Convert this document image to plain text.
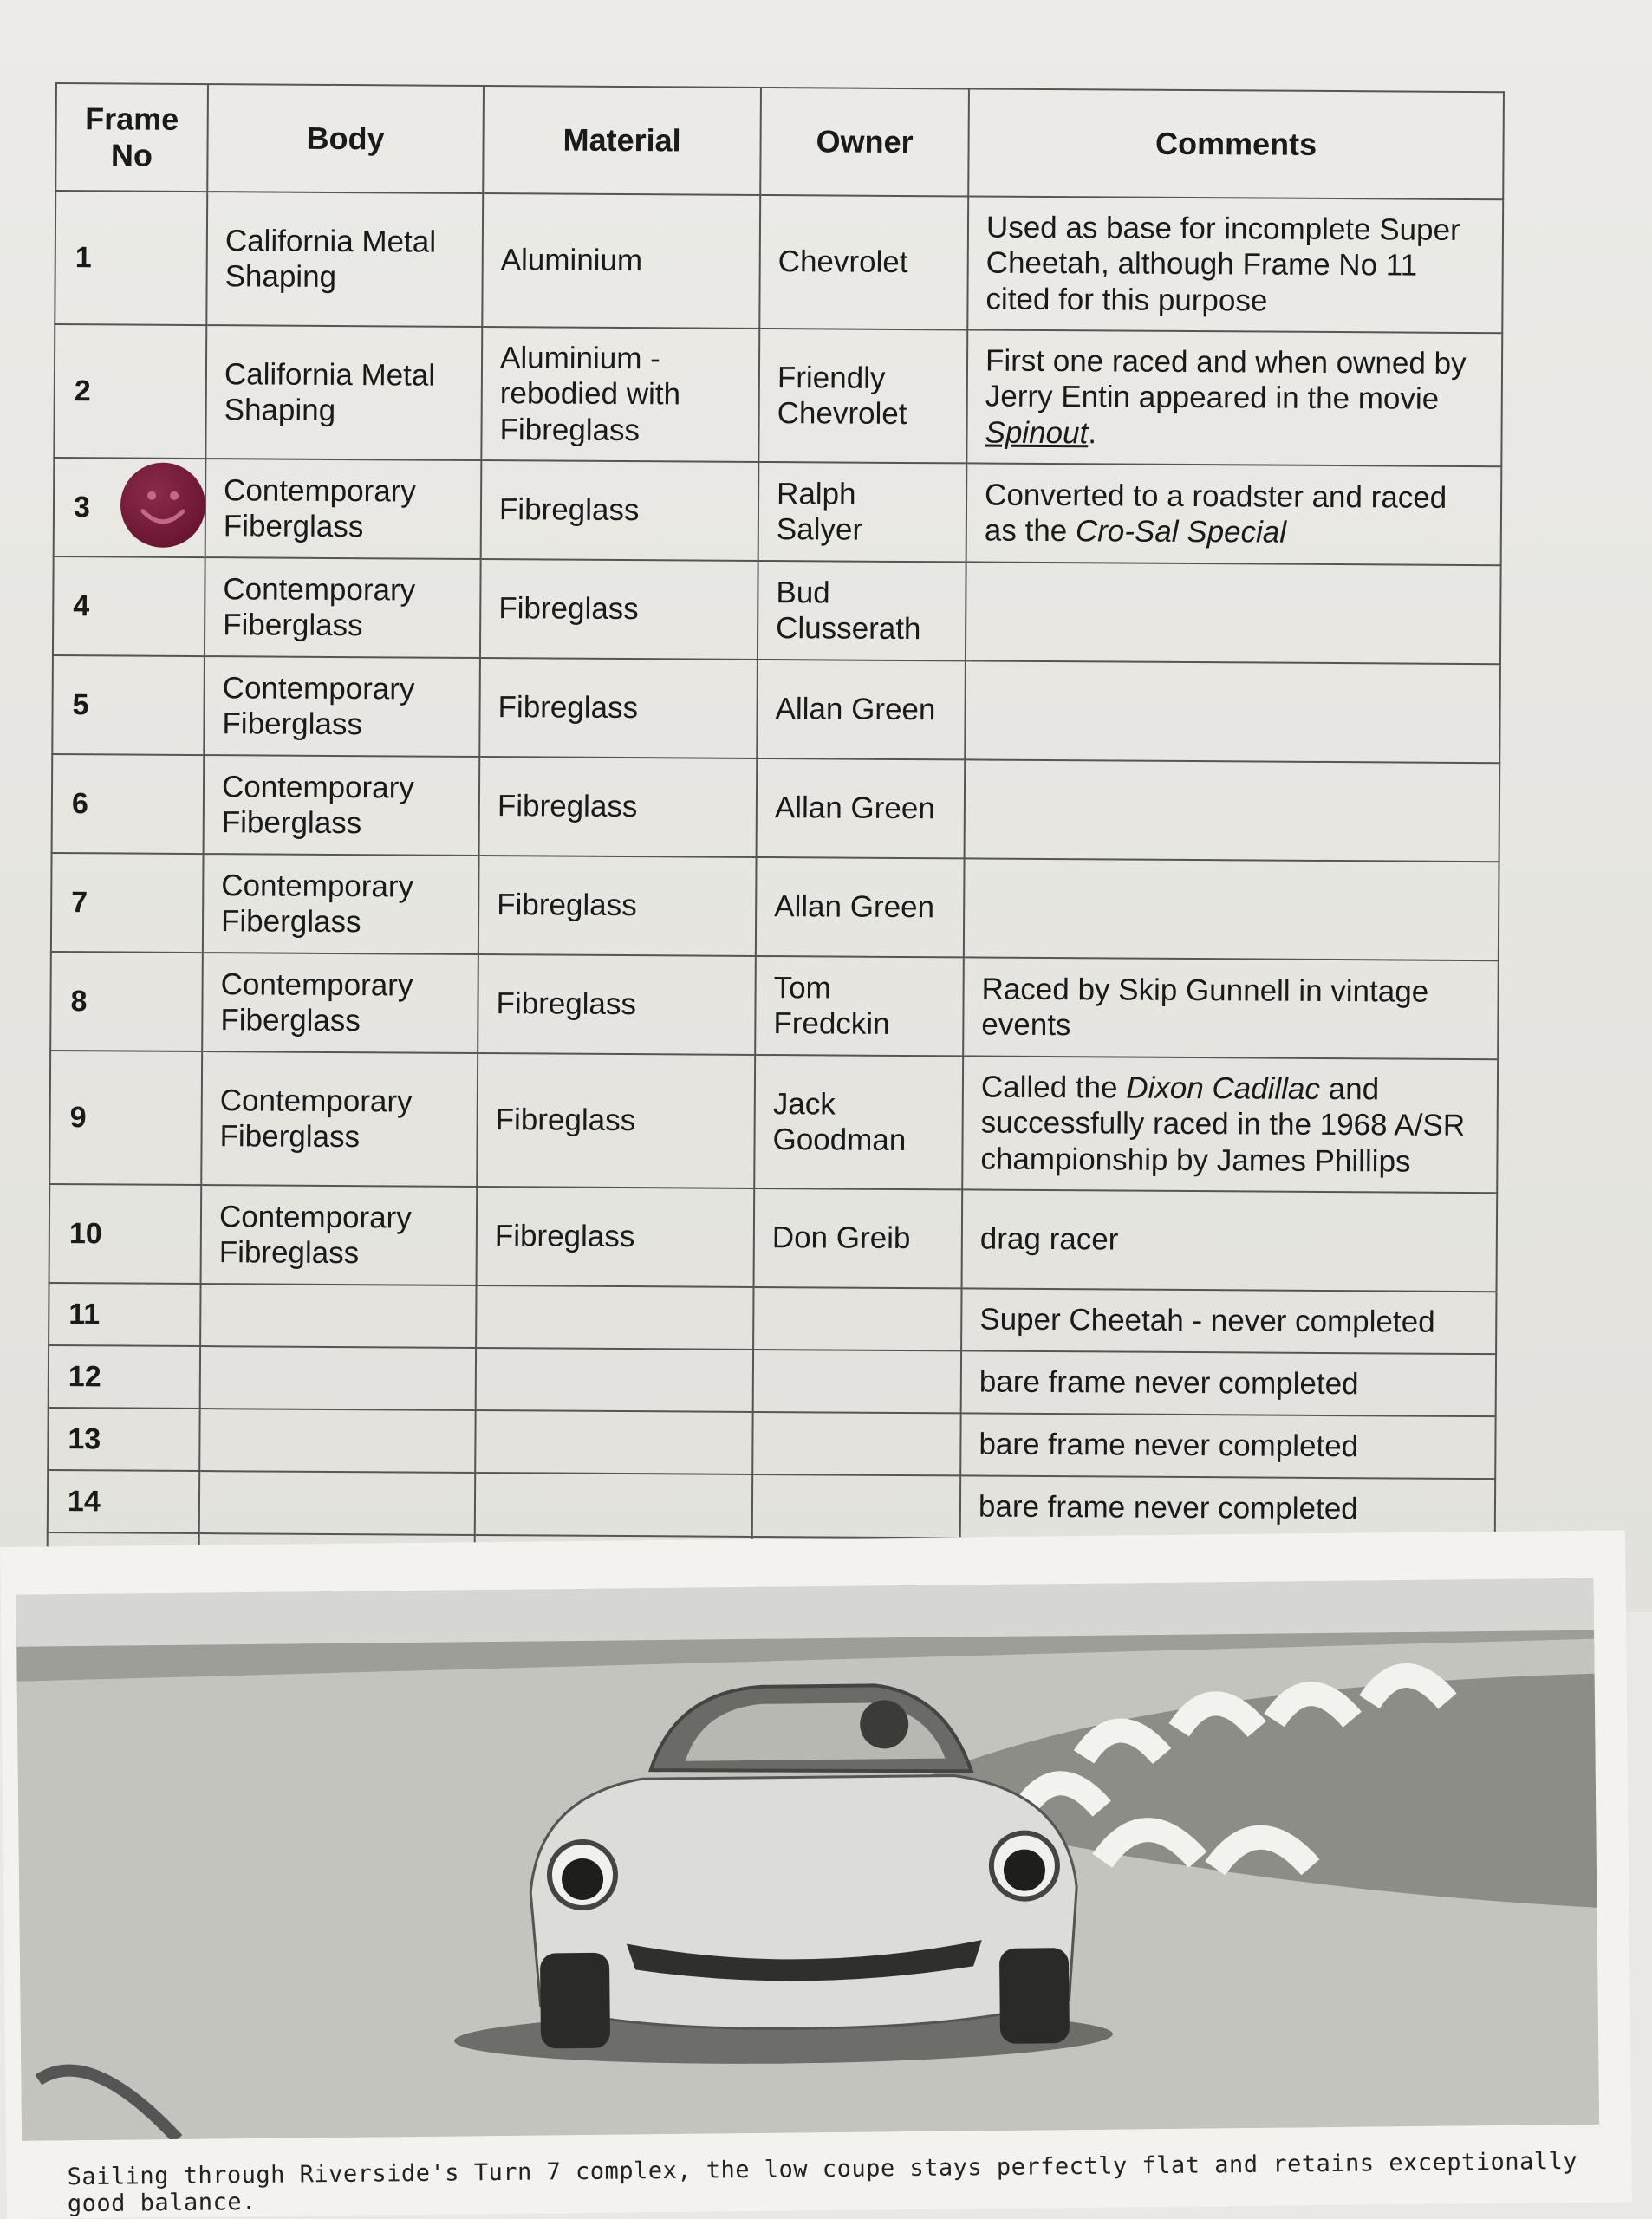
Frame No	Body	Material	Owner	Comments
1	California Metal Shaping	Aluminium	Chevrolet	Used as base for incomplete Super Cheetah, although Frame No 11 cited for this purpose
2	California Metal Shaping	Aluminium - rebodied with Fibreglass	Friendly Chevrolet	First one raced and when owned by Jerry Entin appeared in the movie Spinout.
3	Contemporary Fiberglass	Fibreglass	Ralph Salyer	Converted to a roadster and raced as the Cro-Sal Special
4	Contemporary Fiberglass	Fibreglass	Bud Clusserath	
5	Contemporary Fiberglass	Fibreglass	Allan Green	
6	Contemporary Fiberglass	Fibreglass	Allan Green	
7	Contemporary Fiberglass	Fibreglass	Allan Green	
8	Contemporary Fiberglass	Fibreglass	Tom Fredckin	Raced by Skip Gunnell in vintage events
9	Contemporary Fiberglass	Fibreglass	Jack Goodman	Called the Dixon Cadillac and successfully raced in the 1968 A/SR championship by James Phillips
10	Contemporary Fibreglass	Fibreglass	Don Greib	drag racer
11				Super Cheetah - never completed
12				bare frame never completed
13				bare frame never completed
14				bare frame never completed

Sailing through Riverside's Turn 7 complex, the low coupe stays perfectly flat and retains exceptionally good balance.
